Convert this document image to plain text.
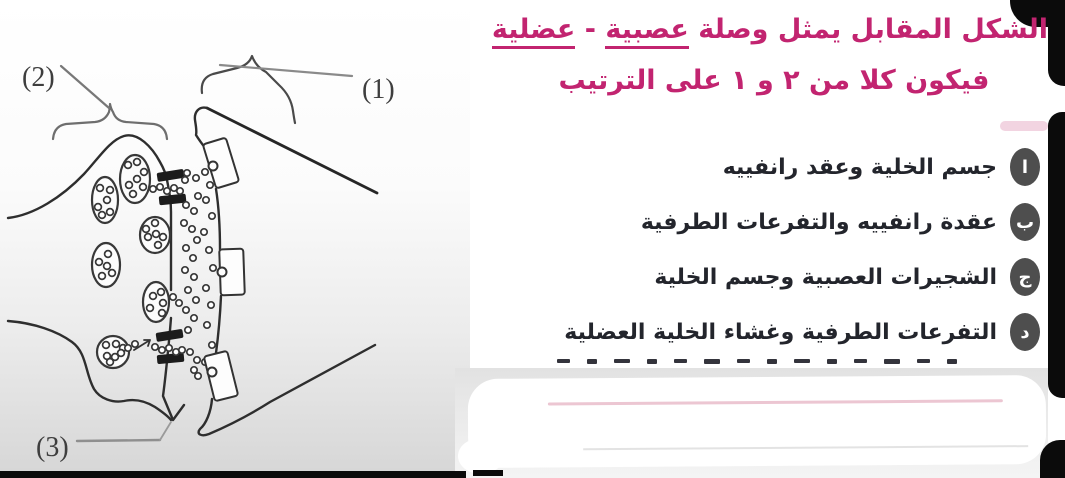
(2)	(1)
(3)
الشكل المقابل يمثل وصلة عصبية - عضلية
فيكون كلا من ٢ و ١ على الترتيب
ا
جسم الخلية وعقد رانفييه
ب
عقدة رانفييه والتفرعات الطرفية
ج
الشجيرات العصبية وجسم الخلية
د
التفرعات الطرفية وغشاء الخلية العضلية
